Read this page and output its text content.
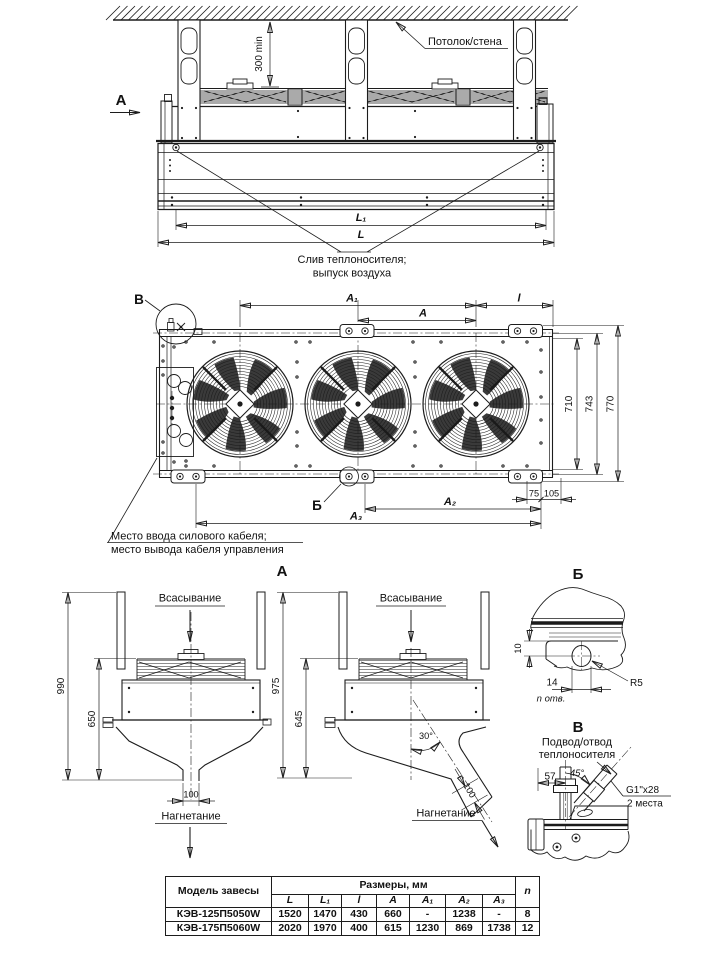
Потолок/стена
300 min
А
L₁
L
Слив теплоносителя;
выпуск воздуха
В	А₁	l
А
710 743 770
Б
75 105
А₂
А₃
Место ввода силового кабеля;
место вывода кабеля управления
А
Всасывание
990
650
100
Нагнетание
Всасывание
30°
100
975
645
Нагнетание
Б
10
14
n отв.
R5
В
Подвод/отвод
теплоносителя
57 45°
G1"x28
2 места
Модель завесы	Размеры, мм							n
	L	L₁	l	A	A₁	A₂	A₃	
КЭВ-125П5050W	1520	1470	430	660	-	1238	-	8
КЭВ-175П5060W	2020	1970	400	615	1230	869	1738	12
